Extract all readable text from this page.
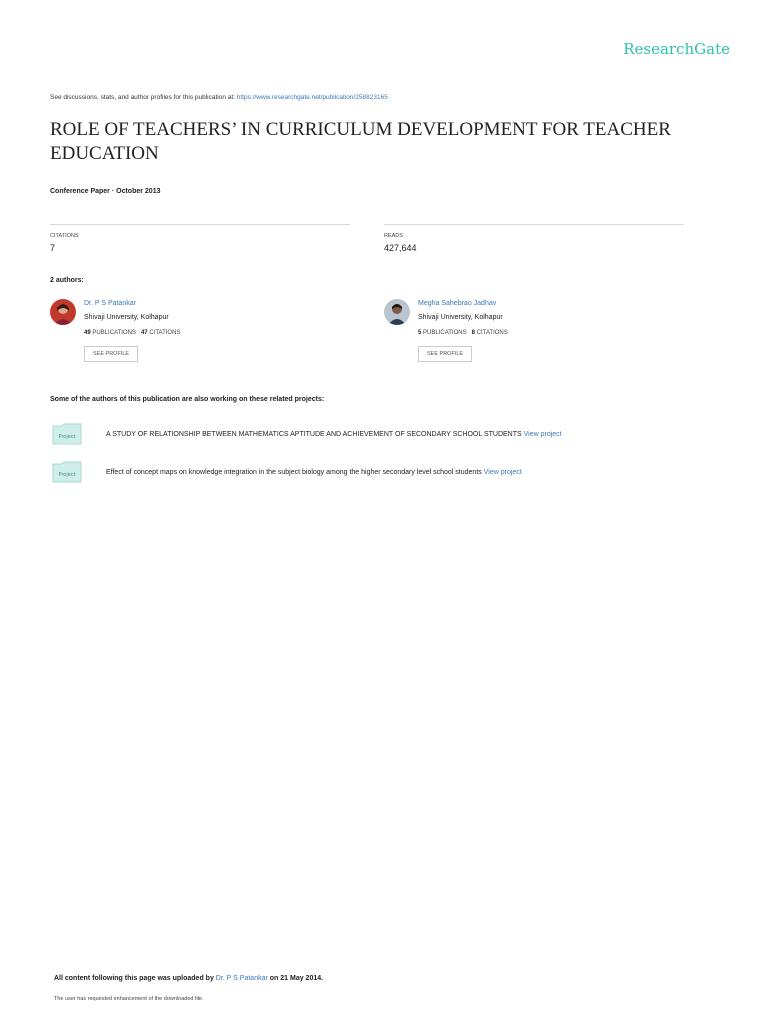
ResearchGate
See discussions, stats, and author profiles for this publication at: https://www.researchgate.net/publication/258823165
ROLE OF TEACHERS’ IN CURRICULUM DEVELOPMENT FOR TEACHER EDUCATION
Conference Paper · October 2013
CITATIONS
7
READS
427,644
2 authors:
Dr. P S Patankar
Shivaji University, Kolhapur
49 PUBLICATIONS 47 CITATIONS
SEE PROFILE
Megha Sahebrao Jadhav
Shivaji University, Kolhapur
5 PUBLICATIONS 8 CITATIONS
SEE PROFILE
Some of the authors of this publication are also working on these related projects:
Project	A STUDY OF RELATIONSHIP BETWEEN MATHEMATICS APTITUDE AND ACHIEVEMENT OF SECONDARY SCHOOL STUDENTS View project
Project	Effect of concept maps on knowledge integration in the subject biology among the higher secondary level school students View project
All content following this page was uploaded by Dr. P S Patankar on 21 May 2014.
The user has requested enhancement of the downloaded file.
